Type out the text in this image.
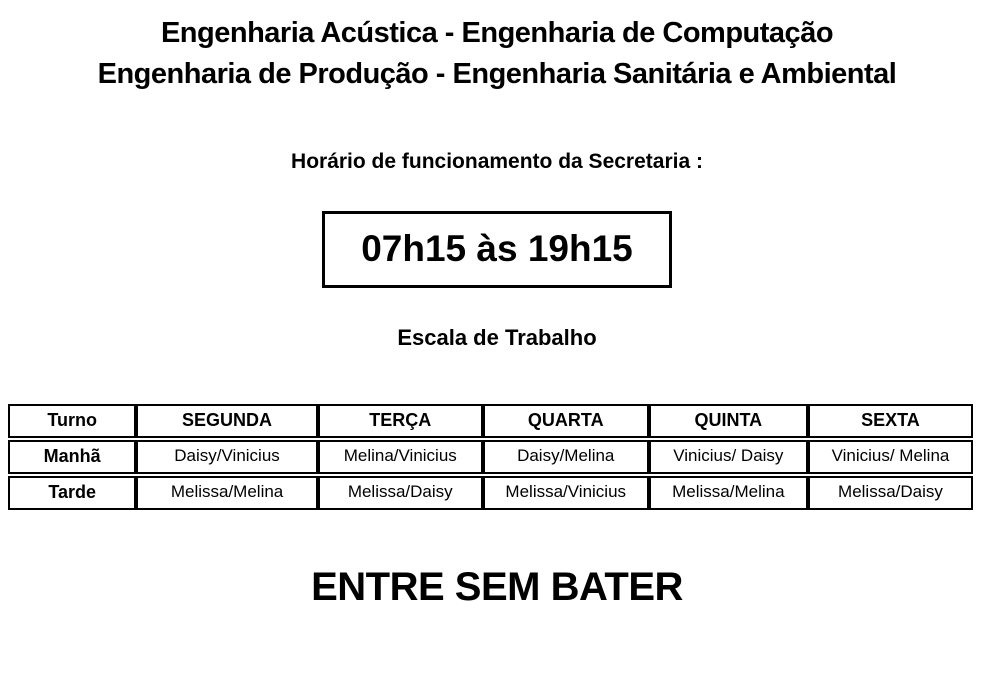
Engenharia Acústica - Engenharia de Computação
Engenharia de Produção - Engenharia Sanitária e Ambiental
Horário de funcionamento da Secretaria :
07h15 às 19h15
Escala de Trabalho
Turno	SEGUNDA	TERÇA	QUARTA	QUINTA	SEXTA
Manhã	Daisy/Vinicius	Melina/Vinicius	Daisy/Melina	Vinicius/ Daisy	Vinicius/ Melina
Tarde	Melissa/Melina	Melissa/Daisy	Melissa/Vinicius	Melissa/Melina	Melissa/Daisy
ENTRE SEM BATER
